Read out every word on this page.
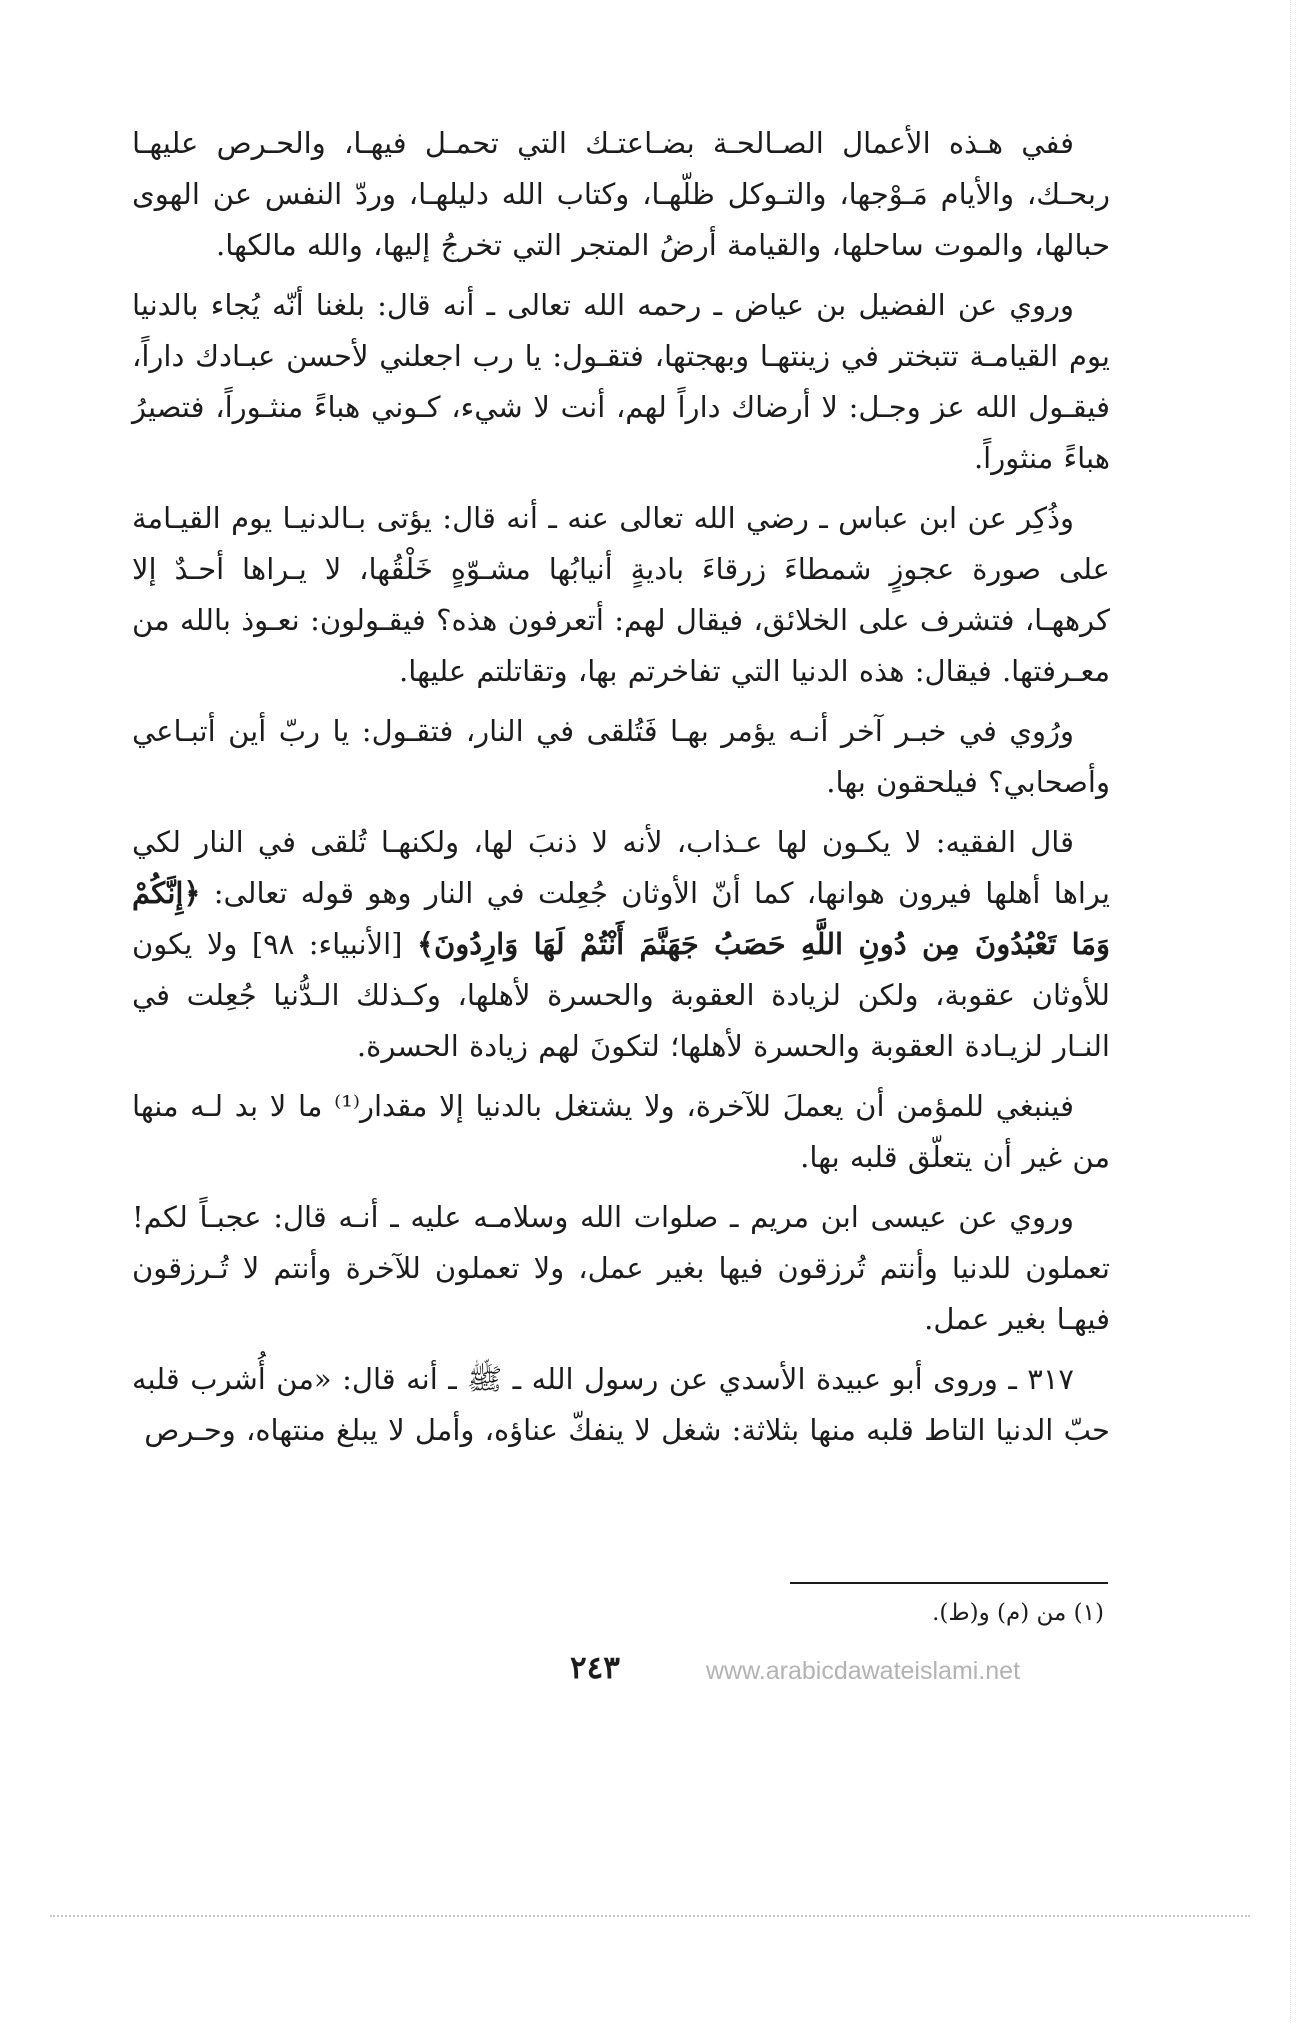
ففي هـذه الأعمال الصـالحـة بضـاعتـك التي تحمـل فيهـا، والحـرص عليهـا ربحـك، والأيام مَـوْجها، والتـوكل ظلّهـا، وكتاب الله دليلهـا، وردّ النفس عن الهوى حبالها، والموت ساحلها، والقيامة أرضُ المتجر التي تخرجُ إليها، والله مالكها.

وروي عن الفضيل بن عياض ـ رحمه الله تعالى ـ أنه قال: بلغنا أنّه يُجاء بالدنيا يوم القيامـة تتبختر في زينتهـا وبهجتها، فتقـول: يا رب اجعلني لأحسن عبـادك داراً، فيقـول الله عز وجـل: لا أرضاك داراً لهم، أنت لا شيء، كـوني هباءً منثـوراً، فتصيرُ هباءً منثوراً.

وذُكِر عن ابن عباس ـ رضي الله تعالى عنه ـ أنه قال: يؤتى بـالدنيـا يوم القيـامة على صورة عجوزٍ شمطاءَ زرقاءَ باديةٍ أنيابُها مشـوّهٍ خَلْقُها، لا يـراها أحـدٌ إلا كرههـا، فتشرف على الخلائق، فيقال لهم: أتعرفون هذه؟ فيقـولون: نعـوذ بالله من معـرفتها. فيقال: هذه الدنيا التي تفاخرتم بها، وتقاتلتم عليها.

ورُوي في خبـر آخر أنـه يؤمر بهـا فَتُلقى في النار، فتقـول: يا ربّ أين أتبـاعي وأصحابي؟ فيلحقون بها.

قال الفقيه: لا يكـون لها عـذاب، لأنه لا ذنبَ لها، ولكنهـا تُلقى في النار لكي يراها أهلها فيرون هوانها، كما أنّ الأوثان جُعِلت في النار وهو قوله تعالى: ﴿إِنَّكُمْ وَمَا تَعْبُدُونَ مِن دُونِ اللَّهِ حَصَبُ جَهَنَّمَ أَنْتُمْ لَهَا وَارِدُونَ﴾ [الأنبياء: ٩٨] ولا يكون للأوثان عقوبة، ولكن لزيادة العقوبة والحسرة لأهلها، وكـذلك الـدُّنيا جُعِلت في النـار لزيـادة العقوبة والحسرة لأهلها؛ لتكونَ لهم زيادة الحسرة.

فينبغي للمؤمن أن يعملَ للآخرة، ولا يشتغل بالدنيا إلا مقدار⁽¹⁾ ما لا بد لـه منها من غير أن يتعلّق قلبه بها.

وروي عن عيسى ابن مريم ـ صلوات الله وسلامـه عليه ـ أنـه قال: عجبـاً لكم! تعملون للدنيا وأنتم تُرزقون فيها بغير عمل، ولا تعملون للآخرة وأنتم لا تُـرزقون فيهـا بغير عمل.

٣١٧ ـ وروى أبو عبيدة الأسدي عن رسول الله ـ ﷺ ـ أنه قال: «من أُشرب قلبه حبّ الدنيا التاط قلبه منها بثلاثة: شغل لا ينفكّ عناؤه، وأمل لا يبلغ منتهاه، وحـرص

(١) من (م) و(ط).
٢٤٣	www.arabicdawateislami.net
